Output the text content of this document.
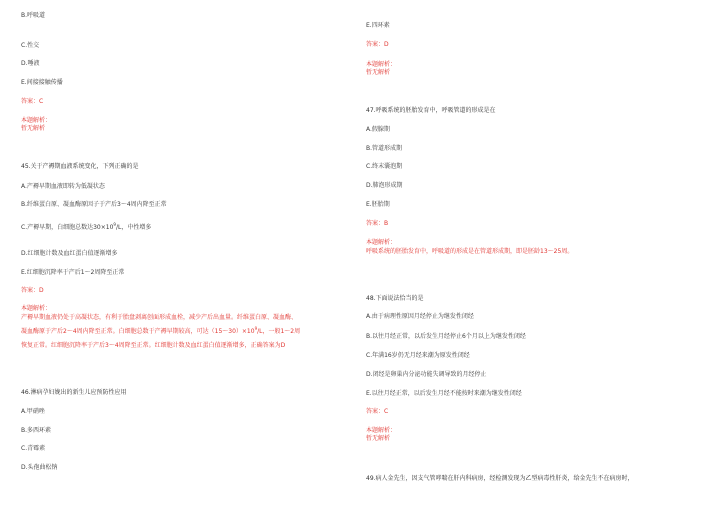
B.呼吸道
C.性交
D.唾液
E.间接接触传播
答案：C
本题解析：
暂无解析
45.关于产褥期血液系统变化，下列正确的是
A.产褥早期血液即转为低凝状态
B.纤维蛋白原、凝血酶原因子于产后3～4周内降至正常
C.产褥早期，白细胞总数达$30\times 10^9/L$，中性增多
D.红细胞计数及血红蛋白值逐渐增多
E.红细胞沉降率于产后1～2周降至正常
答案：D
本题解析：
产褥早期血液仍处于高凝状态，有利于胎盘剥离创面形成血栓，减少产后出血量。纤维蛋白原、凝血酶、
凝血酶原于产后2～4周内降至正常。白细胞总数于产褥早期较高，可达$(15\sim 30)\times 10^9/L$，一般1～2周
恢复正常。红细胞沉降率于产后3～4周降至正常。红细胞计数及血红蛋白值逐渐增多，正确答案为D
46.淋病孕妇娩出的新生儿应预防性应用
A.甲硝唑
B.多西环素
C.青霉素
D.头孢曲松钠
E.四环素
答案：D
本题解析：
暂无解析
47.呼吸系统的胚胎发育中，呼吸管道的形成是在
A.假腺期
B.管道形成期
C.终末囊泡期
D.肺泡形成期
E.胚胎期
答案：B
本题解析：
呼吸系统的胚胎发育中，呼吸道的形成是在管道形成期，即是胚龄13～25周。
48.下面说法恰当的是
A.由于病理性原因月经停止为继发性闭经
B.以往月经正常，以后发生月经停止6个月以上为继发性闭经
C.年满16岁仍无月经来潮为原发性闭经
D.闭经是卵巢内分泌功能失调导致的月经停止
E.以往月经正常，以后发生月经不能按时来潮为继发性闭经
答案：C
本题解析：
暂无解析
49.病人金先生，因支气管哮喘在肝内科病房，经检测发现为乙型病毒性肝炎，给金先生不在病房时，
